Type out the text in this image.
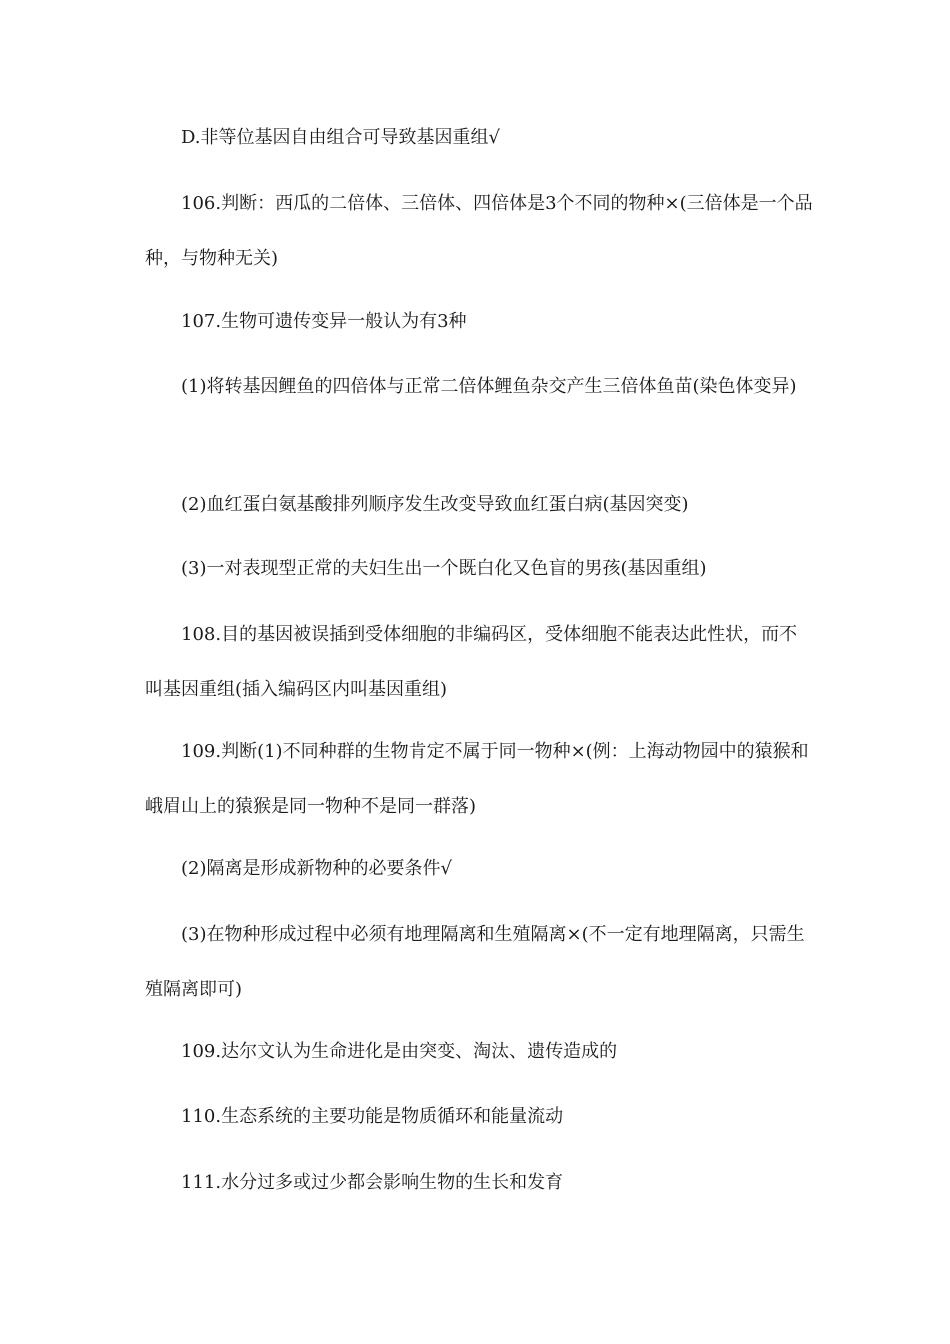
D.非等位基因自由组合可导致基因重组√

106.判断：西瓜的二倍体、三倍体、四倍体是3个不同的物种×(三倍体是一个品种，与物种无关)

107.生物可遗传变异一般认为有3种

(1)将转基因鲤鱼的四倍体与正常二倍体鲤鱼杂交产生三倍体鱼苗(染色体变异)

(2)血红蛋白氨基酸排列顺序发生改变导致血红蛋白病(基因突变)

(3)一对表现型正常的夫妇生出一个既白化又色盲的男孩(基因重组)

108.目的基因被误插到受体细胞的非编码区，受体细胞不能表达此性状，而不叫基因重组(插入编码区内叫基因重组)

109.判断(1)不同种群的生物肯定不属于同一物种×(例：上海动物园中的猿猴和峨眉山上的猿猴是同一物种不是同一群落)

(2)隔离是形成新物种的必要条件√

(3)在物种形成过程中必须有地理隔离和生殖隔离×(不一定有地理隔离，只需生殖隔离即可)

109.达尔文认为生命进化是由突变、淘汰、遗传造成的

110.生态系统的主要功能是物质循环和能量流动

111.水分过多或过少都会影响生物的生长和发育
